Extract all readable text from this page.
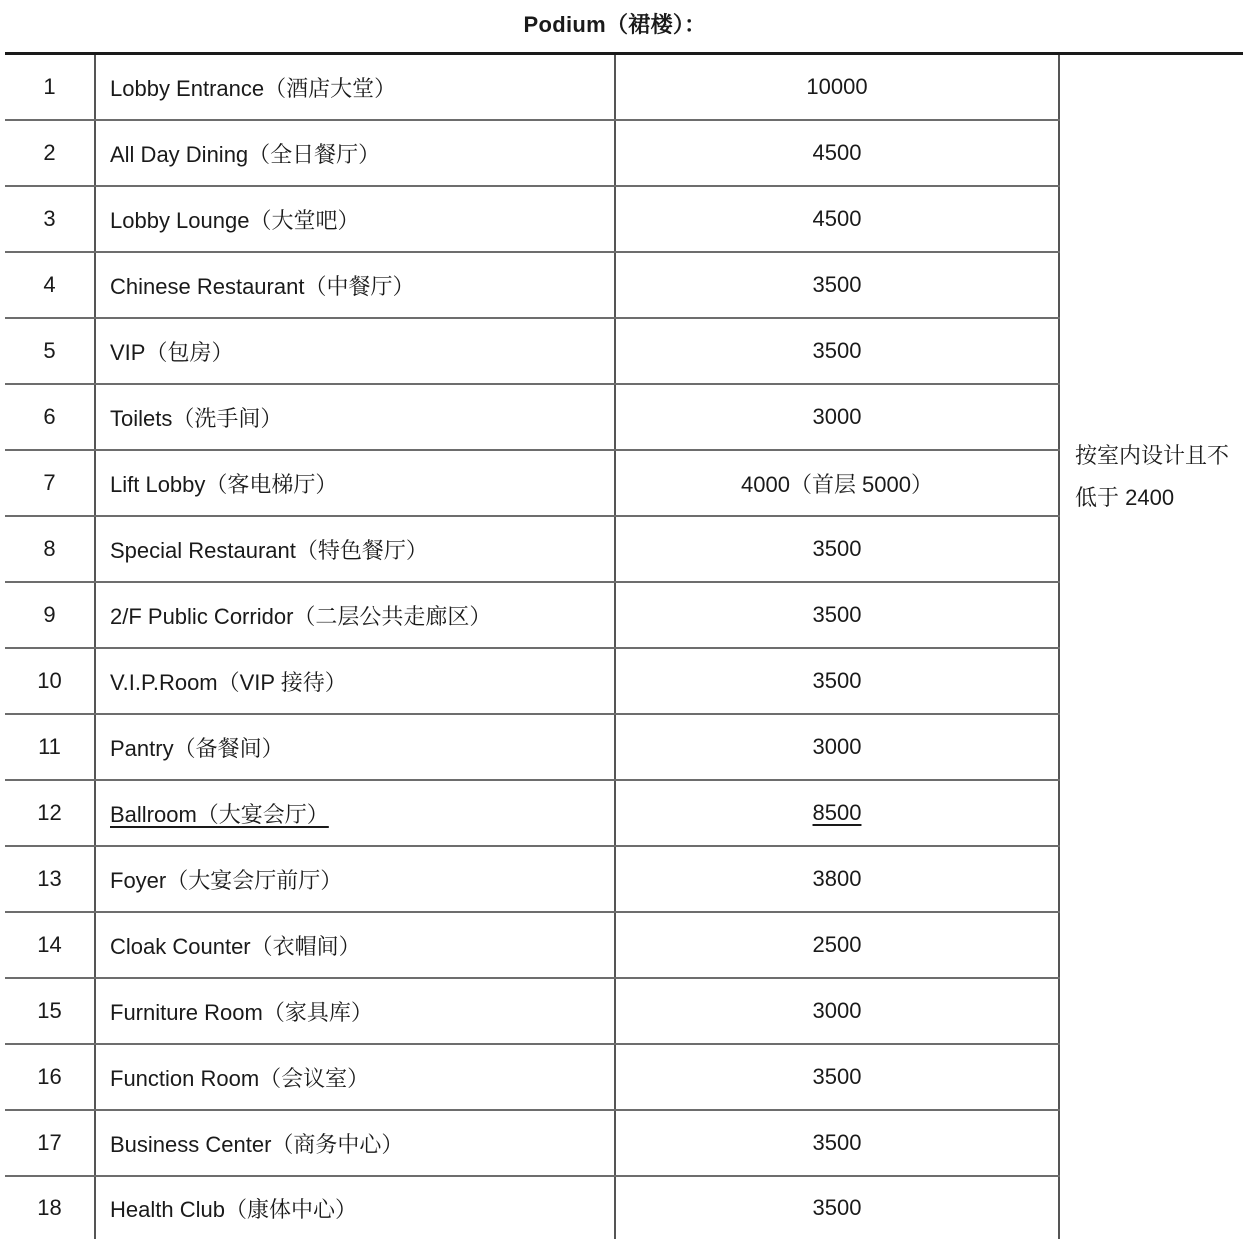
Podium（裙楼）：
1	Lobby Entrance（酒店大堂）	10000	按室内设计且不低于 2400
2	All Day Dining（全日餐厅）	4500	
3	Lobby Lounge（大堂吧）	4500	
4	Chinese Restaurant（中餐厅）	3500	
5	VIP（包房）	3500	
6	Toilets（洗手间）	3000	
7	Lift Lobby（客电梯厅）	4000（首层 5000）	
8	Special Restaurant（特色餐厅）	3500	
9	2/F Public Corridor（二层公共走廊区）	3500	
10	V.I.P.Room（VIP 接待）	3500	
11	Pantry（备餐间）	3000	
12	Ballroom（大宴会厅）	8500	
13	Foyer（大宴会厅前厅）	3800	
14	Cloak Counter（衣帽间）	2500	
15	Furniture Room（家具库）	3000	
16	Function Room（会议室）	3500	
17	Business Center（商务中心）	3500	
18	Health Club（康体中心）	3500	
